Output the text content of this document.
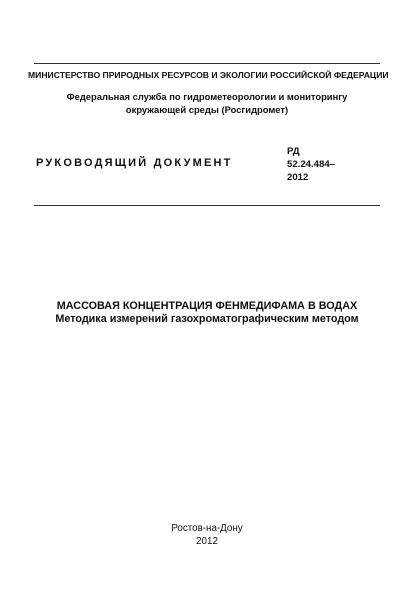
МИНИСТЕРСТВО ПРИРОДНЫХ РЕСУРСОВ И ЭКОЛОГИИ РОССИЙСКОЙ ФЕДЕРАЦИИ
Федеральная служба по гидрометеорологии и мониторингу
окружающей среды (Росгидромет)
РУКОВОДЯЩИЙ ДОКУМЕНТ
РД
52.24.484–
2012
МАССОВАЯ КОНЦЕНТРАЦИЯ ФЕНМЕДИФАМА В ВОДАХ
Методика измерений газохроматографическим методом
Ростов-на-Дону
2012
